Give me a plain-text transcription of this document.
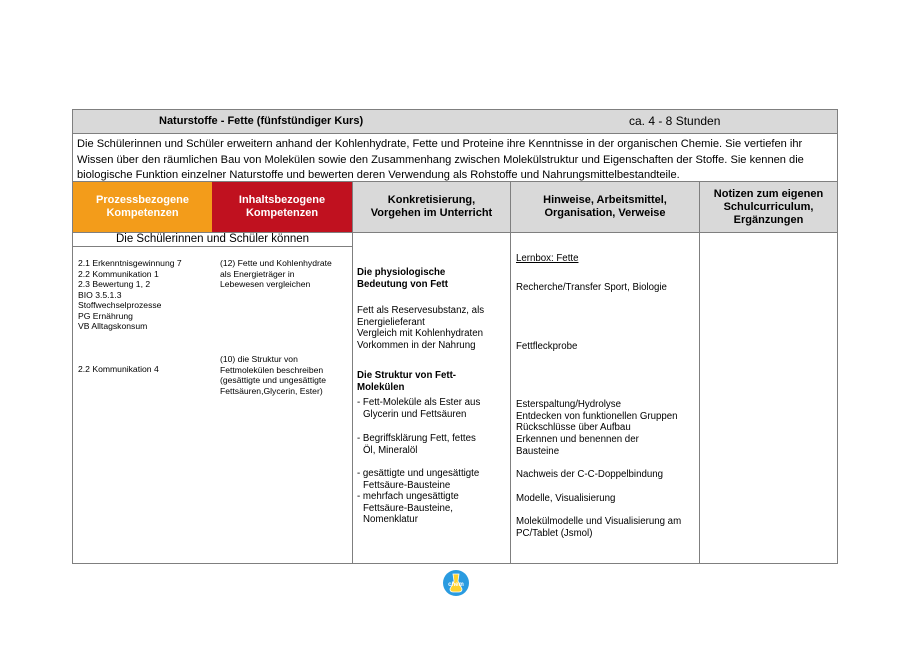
Naturstoffe - Fette (fünfstündiger Kurs)	ca. 4 - 8 Stunden
Die Schülerinnen und Schüler erweitern anhand der Kohlenhydrate, Fette und Proteine ihre Kenntnisse in der organischen Chemie. Sie vertiefen ihr
Wissen über den räumlichen Bau von Molekülen sowie den Zusammenhang zwischen Molekülstruktur und Eigenschaften der Stoffe. Sie kennen die
biologische Funktion einzelner Naturstoffe und bewerten deren Verwendung als Rohstoffe und Nahrungsmittelbestandteile.
Prozessbezogene Kompetenzen
Inhaltsbezogene Kompetenzen
Konkretisierung, Vorgehen im Unterricht
Hinweise, Arbeitsmittel, Organisation, Verweise
Notizen zum eigenen Schulcurriculum, Ergänzungen
Die Schülerinnen und Schüler können
2.1 Erkenntnisgewinnung 7
2.2 Kommunikation 1
2.3 Bewertung 1, 2
BIO 3.5.1.3
Stoffwechselprozesse
PG Ernährung
VB Alltagskonsum
2.2 Kommunikation 4
(12) Fette und Kohlenhydrate
als Energieträger in
Lebewesen vergleichen
(10) die Struktur von
Fettmolekülen beschreiben
(gesättigte und ungesättigte
Fettsäuren,Glycerin, Ester)
Die physiologische
Bedeutung von Fett
Fett als Reservesubstanz, als
Energielieferant
Vergleich mit Kohlenhydraten
Vorkommen in der Nahrung
Die Struktur von Fett-
Molekülen
- Fett-Moleküle als Ester aus
Glycerin und Fettsäuren
- Begriffsklärung Fett, fettes
Öl, Mineralöl
- gesättigte und ungesättigte
Fettsäure-Bausteine
- mehrfach ungesättigte
Fettsäure-Bausteine,
Nomenklatur
Lernbox: Fette
Recherche/Transfer Sport, Biologie
Fettfleckprobe
Esterspaltung/Hydrolyse
Entdecken von funktionellen Gruppen
Rückschlüsse über Aufbau
Erkennen und benennen der
Bausteine
Nachweis der C-C-Doppelbindung
Modelle, Visualisierung
Molekülmodelle und Visualisierung am
PC/Tablet (Jsmol)
chem
